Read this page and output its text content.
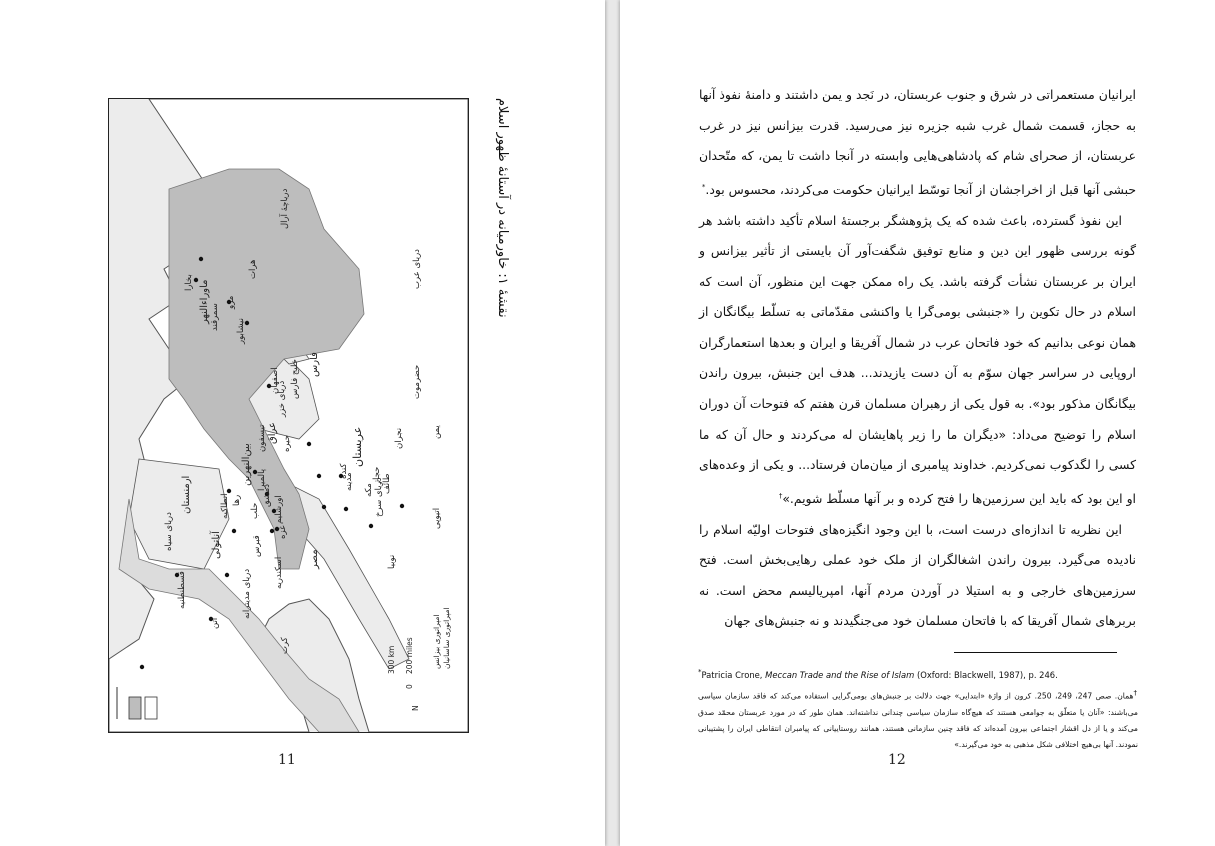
سمرقند
ماوراءالنهر
بخارا
مرو
هرات
نیشابور
دریاچهٔ آرال
دریای خزر
فارس
خلیج فارس
اصفهان
تیسفون حیره
عراق
بین‌النهرین
ارمنستان
دریای سیاه	آناتولی
قسطنطنیه
آتن
قبرس
دریای مدیترانه
کرت
انطاکیه رها
حلب
پالمیرا
دمشق اورشلیم
غزه
اسکندریه	مصر	نوبیا
دریای عرب
دریای سرخ
عربستان
کنده
نجران
حجاز
مکه طائف
مدینه
یمن
حضرموت
اتیوپی
امپراتوری بیزانس امپراتوری ساسانیان
300 km 200 miles
0
N
نقشهٔ ۱: خاورمیانه در آستانهٔ ظهور اسلام
11

ایرانیان مستعمراتی در شرق و جنوب عربستان، در نَجد و یمن داشتند و دامنهٔ نفوذ آنها به حجاز، قسمت شمال غرب شبه جزیره نیز می‌رسید. قدرت بیزانس نیز در غرب عربستان، از صحرای شام که پادشاهی‌هایی وابسته در آنجا داشت تا یمن، که متّحدان حبشی آنها قبل از اخراجشان از آنجا توسّط ایرانیان حکومت می‌کردند، محسوس بود.*

این نفوذ گسترده، باعث شده که یک پژوهشگر برجستهٔ اسلام تأکید داشته باشد هر گونه بررسی ظهور این دین و منابع توفیق شگفت‌آور آن بایستی از تأثیر بیزانس و ایران بر عربستان نشأت گرفته باشد. یک راه ممکن جهت این منظور، آن است که اسلام در حال تکوین را «جنبشی بومی‌گرا یا واکنشی مقدّماتی به تسلّط بیگانگان از همان نوعی بدانیم که خود فاتحان عرب در شمال آفریقا و ایران و بعدها استعمارگران اروپایی در سراسر جهان سوّم به آن دست یازیدند... هدف این جنبش، بیرون راندن بیگانگان مذکور بود». به قول یکی از رهبران مسلمان قرن هفتم که فتوحات آن دوران اسلام را توضیح می‌داد: «دیگران ما را زیر پاهایشان له می‌کردند و حال آن که ما کسی را لگدکوب نمی‌کردیم. خداوند پیامبری از میان‌مان فرستاد... و یکی از وعده‌های او این بود که باید این سرزمین‌ها را فتح کرده و بر آنها مسلّط شویم.»†

این نظریه تا اندازه‌ای درست است، با این وجود انگیزه‌های فتوحات اولیّه اسلام را نادیده می‌گیرد. بیرون راندن اشغالگران از ملک خود عملی رهایی‌بخش است. فتح سرزمین‌های خارجی و به استیلا در آوردن مردم آنها، امپریالیسم محض است. نه بربرهای شمال آفریقا که با فاتحان مسلمان خود می‌جنگیدند و نه جنبش‌های جهان

*Patricia Crone, Meccan Trade and the Rise of Islam (Oxford: Blackwell, 1987), p. 246.
†همان. صص 247، 249، 250. کرون از واژهٔ «ابتدایی» جهت دلالت بر جنبش‌های بومی‌گرایی استفاده می‌کند که فاقد سازمان سیاسی می‌باشند: «آنان یا متعلّق به جوامعی هستند که هیچ‌گاه سازمان سیاسی چندانی نداشته‌اند. همان طور که در مورد عربستان محمّد صدق می‌کند و یا از دل اقشار اجتماعی بیرون آمده‌اند که فاقد چنین سازمانی هستند، همانند روستاییانی که پیامبران انتقاطی ایران را پشتیبانی نمودند. آنها بی‌هیچ اختلافی شکل مذهبی به خود می‌گیرند.»
12
